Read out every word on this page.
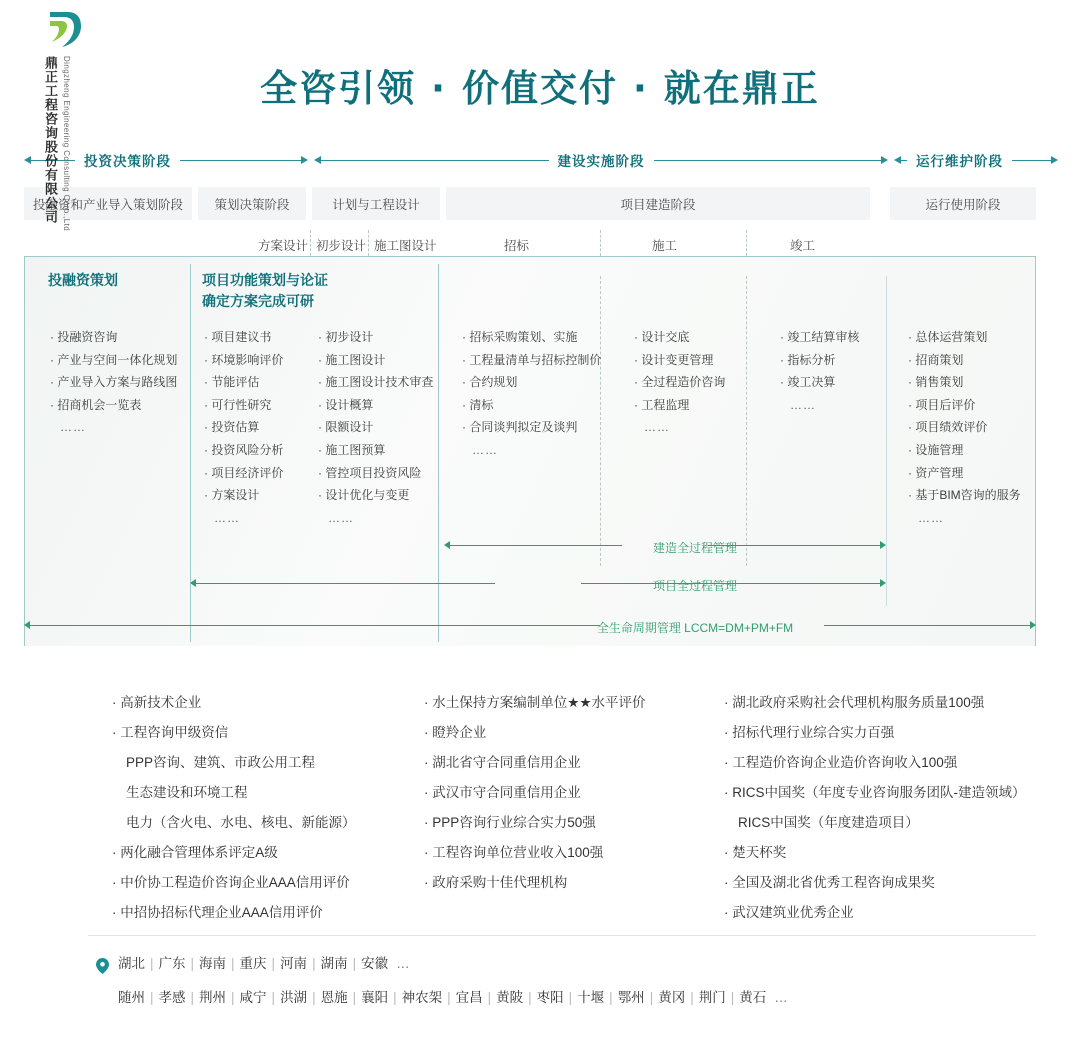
全咨引领 · 价值交付 · 就在鼎正
投资决策阶段	建设实施阶段	运行维护阶段
投融资和产业导入策划阶段	策划决策阶段	计划与工程设计	项目建造阶段	运行使用阶段
方案设计 初步设计 施工图设计	招标	施工	竣工
投融资策划	项目功能策划与论证
确定方案完成可研
· 投融资咨询
· 产业与空间一体化规划
· 产业导入方案与路线图
· 招商机会一览表
……
· 项目建议书
· 环境影响评价
· 节能评估
· 可行性研究
· 投资估算
· 投资风险分析
· 项目经济评价
· 方案设计
……
· 初步设计
· 施工图设计
· 施工图设计技术审查
· 设计概算
· 限额设计
· 施工图预算
· 管控项目投资风险
· 设计优化与变更
……
· 招标采购策划、实施
· 工程量清单与招标控制价
· 合约规划
· 清标
· 合同谈判拟定及谈判
……
· 设计交底
· 设计变更管理
· 全过程造价咨询
· 工程监理
……
· 竣工结算审核
· 指标分析
· 竣工决算
……
· 总体运营策划
· 招商策划
· 销售策划
· 项目后评价
· 项目绩效评价
· 设施管理
· 资产管理
· 基于BIM咨询的服务
……
建造全过程管理
项目全过程管理
全生命周期管理 LCCM=DM+PM+FM
鼎正工程咨询股份有限公司 Dingzheng Engineering Consulting Corp.,Ltd
· 高新技术企业
· 工程咨询甲级资信
PPP咨询、建筑、市政公用工程
生态建设和环境工程
电力（含火电、水电、核电、新能源）
· 两化融合管理体系评定A级
· 中价协工程造价咨询企业AAA信用评价
· 中招协招标代理企业AAA信用评价
· 水土保持方案编制单位★★水平评价
· 瞪羚企业
· 湖北省守合同重信用企业
· 武汉市守合同重信用企业
· PPP咨询行业综合实力50强
· 工程咨询单位营业收入100强
· 政府采购十佳代理机构
· 湖北政府采购社会代理机构服务质量100强
· 招标代理行业综合实力百强
· 工程造价咨询企业造价咨询收入100强
· RICS中国奖（年度专业咨询服务团队-建造领域）
RICS中国奖（年度建造项目）
· 楚天杯奖
· 全国及湖北省优秀工程咨询成果奖
· 武汉建筑业优秀企业
湖北 | 广东 | 海南 | 重庆 | 河南 | 湖南 | 安徽 …
随州 | 孝感 | 荆州 | 咸宁 | 洪湖 | 恩施 | 襄阳 | 神农架 | 宜昌 | 黄陂 | 枣阳 | 十堰 | 鄂州 | 黄冈 | 荆门 | 黄石 …
